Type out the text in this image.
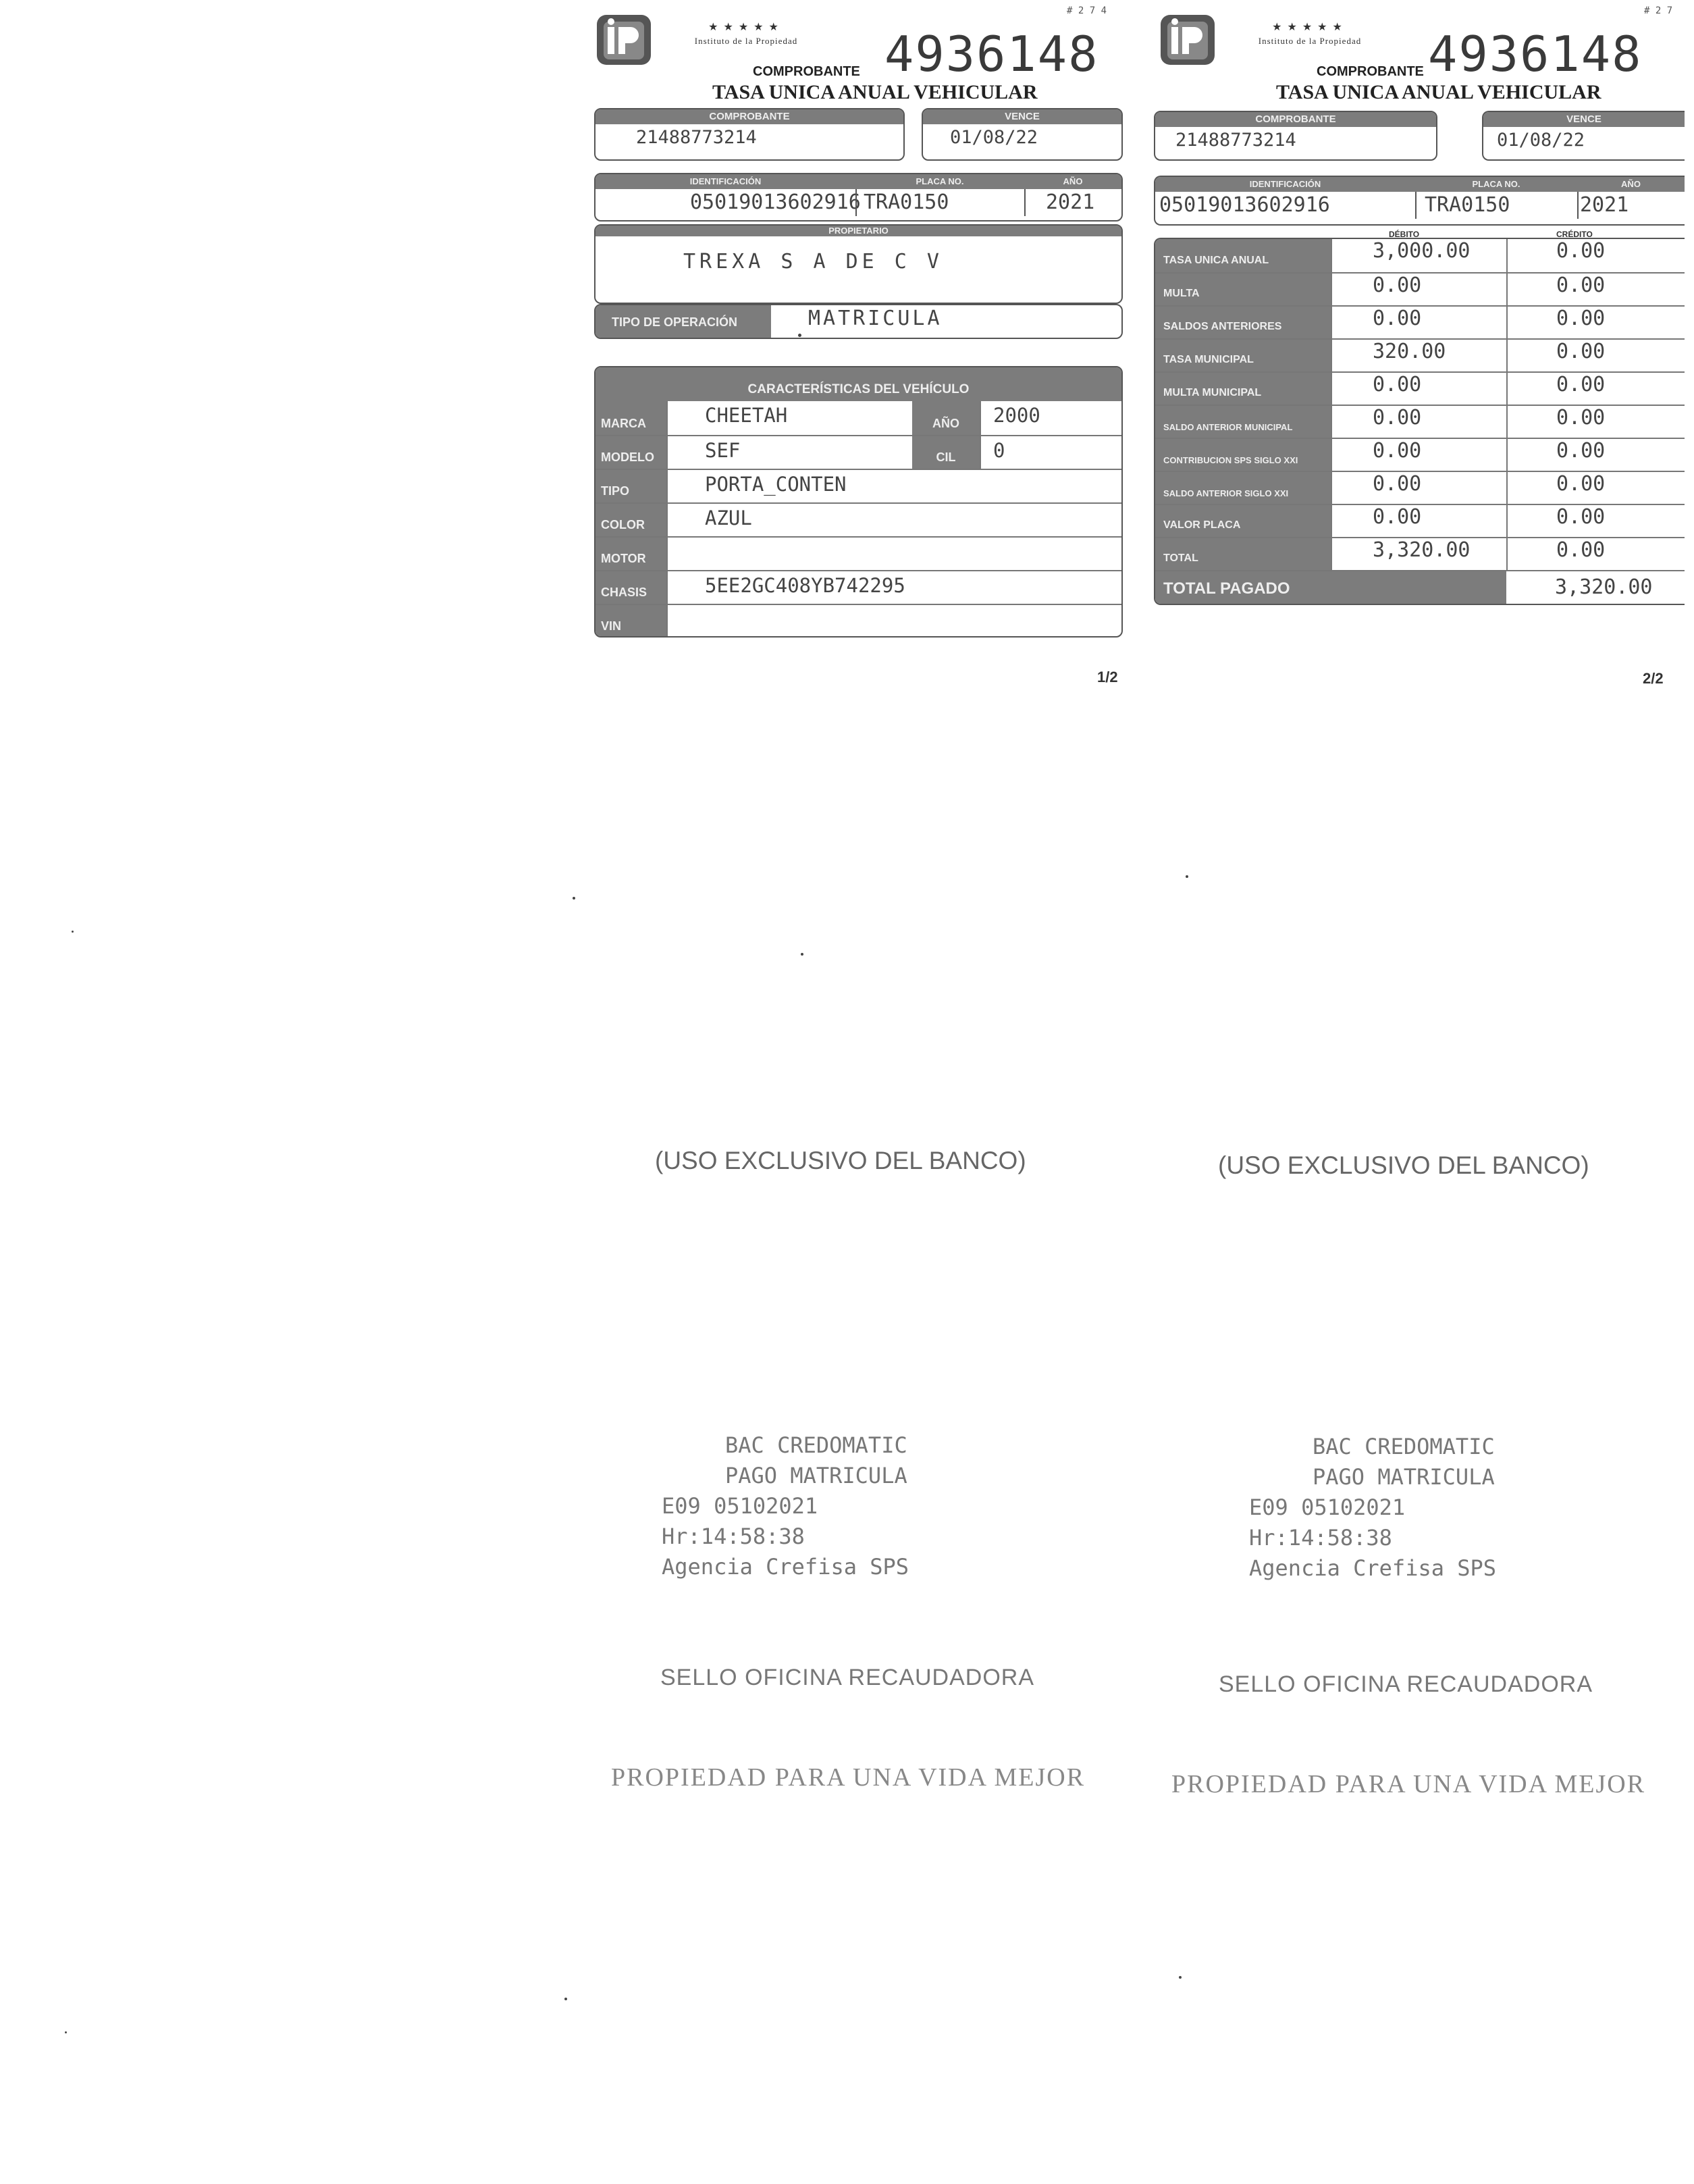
★★★★★
Instituto de la Propiedad
# 2 7 4
4936148
COMPROBANTE
TASA UNICA ANUAL VEHICULAR
COMPROBANTE
21488773214
VENCE
01/08/22
IDENTIFICACIÓN	PLACA NO.	AÑO
05019013602916 TRA0150	2021
PROPIETARIO
TREXA S A DE C V
TIPO DE OPERACIÓN	MATRICULA
CARACTERÍSTICAS DEL VEHÍCULO
MARCA	CHEETAH	AÑO	2000
MODELO	SEF	CIL	0
TIPO	PORTA_CONTEN
COLOR	AZUL
MOTOR
CHASIS	5EE2GC408YB742295
VIN
1/2
(USO EXCLUSIVO DEL BANCO)
BAC CREDOMATIC
PAGO MATRICULA
E09 05102021
Hr:14:58:38
Agencia Crefisa SPS
SELLO OFICINA RECAUDADORA
PROPIEDAD PARA UNA VIDA MEJOR
★★★★★
Instituto de la Propiedad
# 2 7
4936148
COMPROBANTE
TASA UNICA ANUAL VEHICULAR
COMPROBANTE
21488773214
VENCE
01/08/22
IDENTIFICACIÓN	PLACA NO.	AÑO
05019013602916	TRA0150	2021
DÉBITO	CRÉDITO
TASA UNICA ANUAL	3,000.00	0.00
MULTA	0.00	0.00
SALDOS ANTERIORES	0.00	0.00
TASA MUNICIPAL	320.00	0.00
MULTA MUNICIPAL	0.00	0.00
SALDO ANTERIOR MUNICIPAL	0.00	0.00
CONTRIBUCION SPS SIGLO XXI	0.00	0.00
SALDO ANTERIOR SIGLO XXI	0.00	0.00
VALOR PLACA	0.00	0.00
TOTAL	3,320.00	0.00
TOTAL PAGADO	3,320.00
2/2
(USO EXCLUSIVO DEL BANCO)
BAC CREDOMATIC
PAGO MATRICULA
E09 05102021
Hr:14:58:38
Agencia Crefisa SPS
SELLO OFICINA RECAUDADORA
PROPIEDAD PARA UNA VIDA MEJOR
